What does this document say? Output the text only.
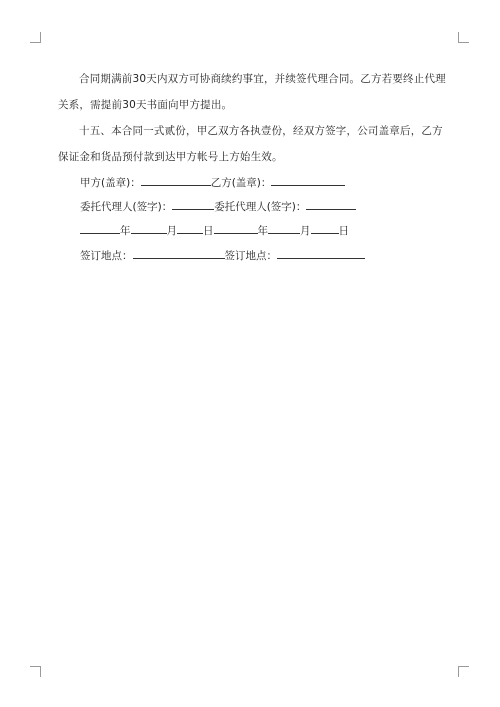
合同期满前30天内双方可协商续约事宜，并续签代理合同。乙方若要终止代理关系，需提前30天书面向甲方提出。

十五、本合同一式贰份，甲乙双方各执壹份，经双方签字，公司盖章后，乙方保证金和货品预付款到达甲方帐号上方始生效。

甲方(盖章)：	乙方(盖章)：
委托代理人(签字)：	委托代理人(签字)：
年	月 日	年	月	日
签订地点：	签订地点：
